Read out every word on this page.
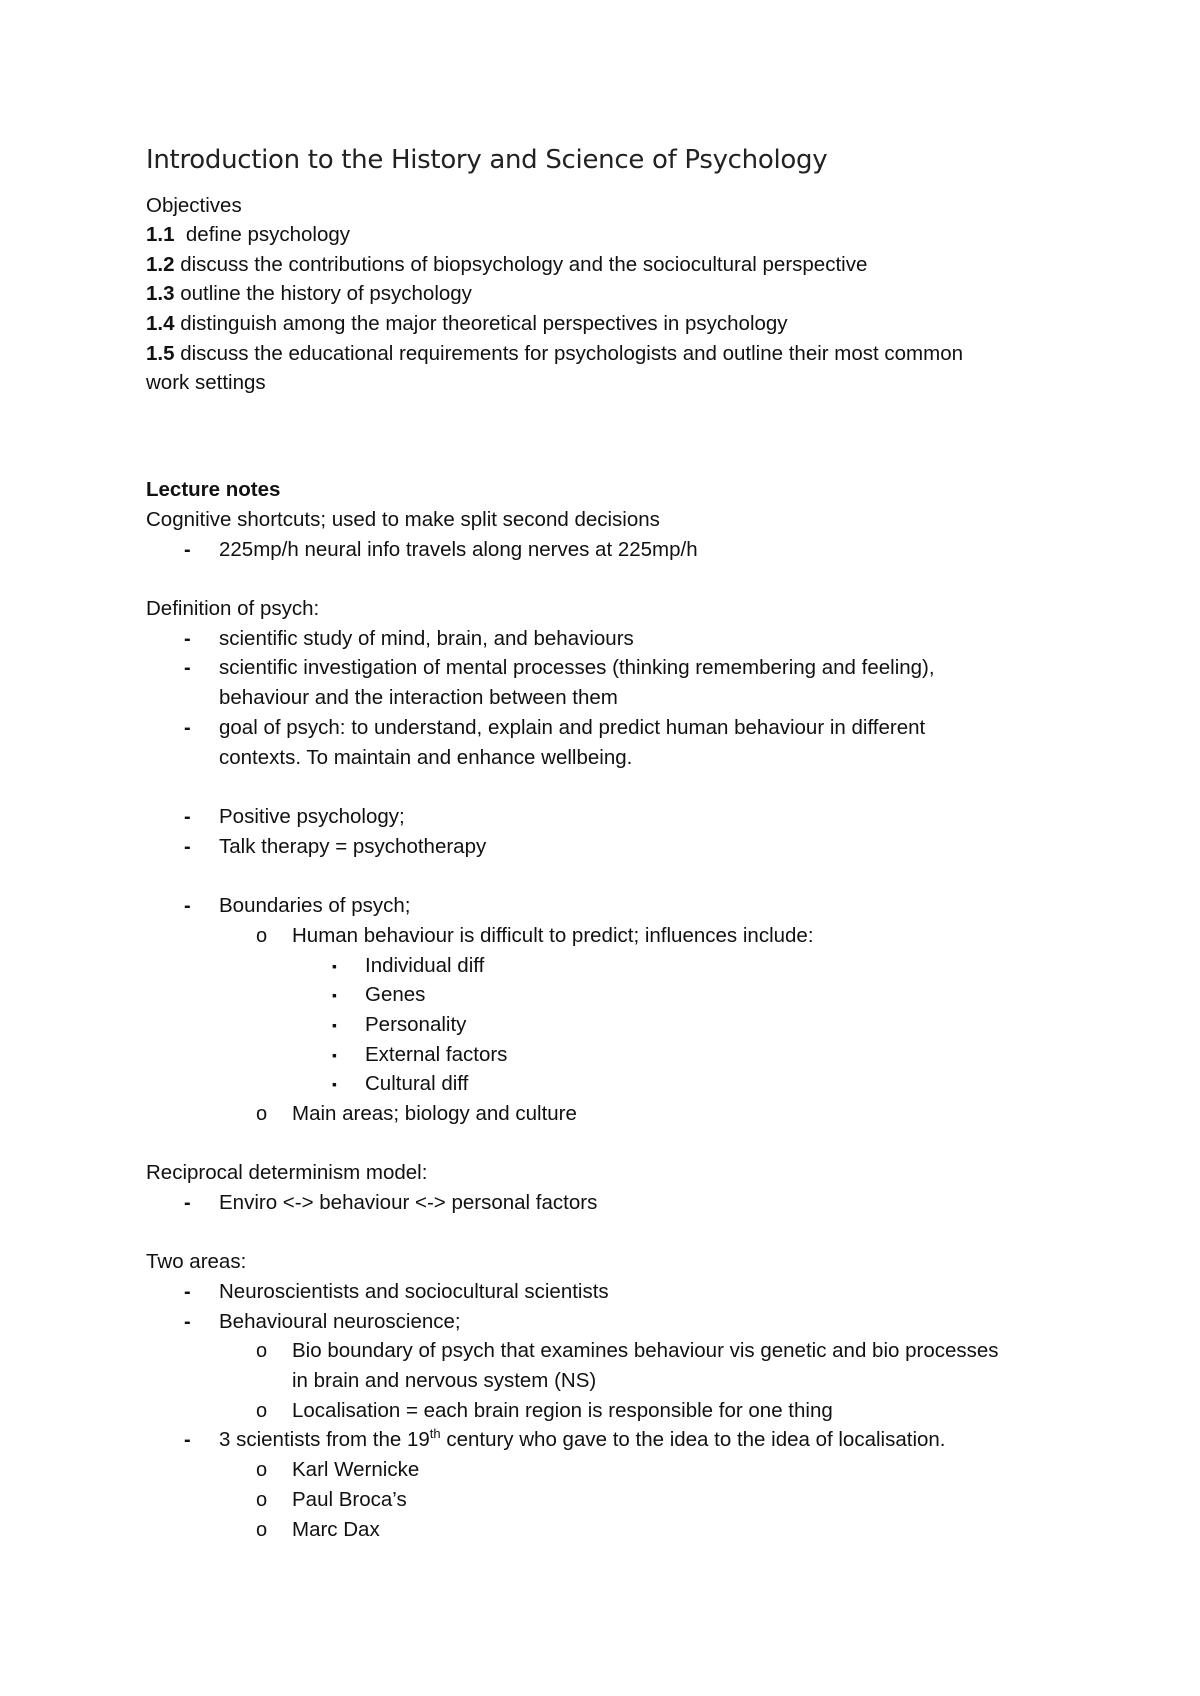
Introduction to the History and Science of Psychology
Objectives
1.1 define psychology
1.2 discuss the contributions of biopsychology and the sociocultural perspective
1.3 outline the history of psychology
1.4 distinguish among the major theoretical perspectives in psychology
1.5 discuss the educational requirements for psychologists and outline their most common
work settings
Lecture notes
Cognitive shortcuts; used to make split second decisions
- 225mp/h neural info travels along nerves at 225mp/h
Definition of psych:
- scientific study of mind, brain, and behaviours
- scientific investigation of mental processes (thinking remembering and feeling),
behaviour and the interaction between them
- goal of psych: to understand, explain and predict human behaviour in different
contexts. To maintain and enhance wellbeing.
- Positive psychology;
- Talk therapy = psychotherapy
- Boundaries of psych;
o Human behaviour is difficult to predict; influences include:
▪ Individual diff
▪ Genes
▪ Personality
▪ External factors
▪ Cultural diff
o Main areas; biology and culture
Reciprocal determinism model:
- Enviro <-> behaviour <-> personal factors
Two areas:
- Neuroscientists and sociocultural scientists
- Behavioural neuroscience;
o Bio boundary of psych that examines behaviour vis genetic and bio processes
in brain and nervous system (NS)
o Localisation = each brain region is responsible for one thing
- 3 scientists from the 19th century who gave to the idea to the idea of localisation.
o Karl Wernicke
o Paul Broca’s
o Marc Dax
